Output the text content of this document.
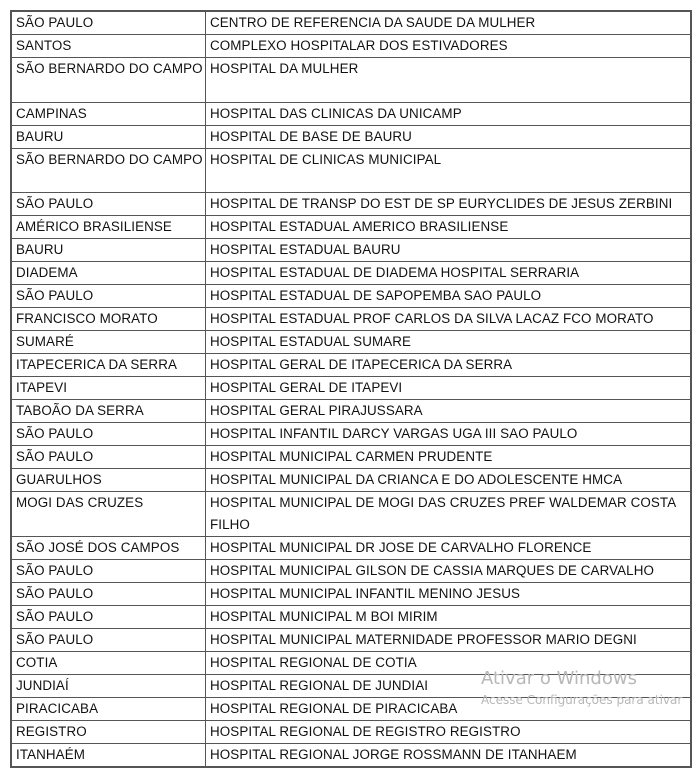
SÃO PAULO	CENTRO DE REFERENCIA DA SAUDE DA MULHER
SANTOS	COMPLEXO HOSPITALAR DOS ESTIVADORES
SÃO BERNARDO DO CAMPO	HOSPITAL DA MULHER
CAMPINAS	HOSPITAL DAS CLINICAS DA UNICAMP
BAURU	HOSPITAL DE BASE DE BAURU
SÃO BERNARDO DO CAMPO	HOSPITAL DE CLINICAS MUNICIPAL
SÃO PAULO	HOSPITAL DE TRANSP DO EST DE SP EURYCLIDES DE JESUS ZERBINI
AMÉRICO BRASILIENSE	HOSPITAL ESTADUAL AMERICO BRASILIENSE
BAURU	HOSPITAL ESTADUAL BAURU
DIADEMA	HOSPITAL ESTADUAL DE DIADEMA HOSPITAL SERRARIA
SÃO PAULO	HOSPITAL ESTADUAL DE SAPOPEMBA SAO PAULO
FRANCISCO MORATO	HOSPITAL ESTADUAL PROF CARLOS DA SILVA LACAZ FCO MORATO
SUMARÉ	HOSPITAL ESTADUAL SUMARE
ITAPECERICA DA SERRA	HOSPITAL GERAL DE ITAPECERICA DA SERRA
ITAPEVI	HOSPITAL GERAL DE ITAPEVI
TABOÃO DA SERRA	HOSPITAL GERAL PIRAJUSSARA
SÃO PAULO	HOSPITAL INFANTIL DARCY VARGAS UGA III SAO PAULO
SÃO PAULO	HOSPITAL MUNICIPAL CARMEN PRUDENTE
GUARULHOS	HOSPITAL MUNICIPAL DA CRIANCA E DO ADOLESCENTE HMCA
MOGI DAS CRUZES	HOSPITAL MUNICIPAL DE MOGI DAS CRUZES PREF WALDEMAR COSTA FILHO
SÃO JOSÉ DOS CAMPOS	HOSPITAL MUNICIPAL DR JOSE DE CARVALHO FLORENCE
SÃO PAULO	HOSPITAL MUNICIPAL GILSON DE CASSIA MARQUES DE CARVALHO
SÃO PAULO	HOSPITAL MUNICIPAL INFANTIL MENINO JESUS
SÃO PAULO	HOSPITAL MUNICIPAL M BOI MIRIM
SÃO PAULO	HOSPITAL MUNICIPAL MATERNIDADE PROFESSOR MARIO DEGNI
COTIA	HOSPITAL REGIONAL DE COTIA
JUNDIAÍ	HOSPITAL REGIONAL DE JUNDIAI
PIRACICABA	HOSPITAL REGIONAL DE PIRACICABA
REGISTRO	HOSPITAL REGIONAL DE REGISTRO REGISTRO
ITANHAÉM	HOSPITAL REGIONAL JORGE ROSSMANN DE ITANHAEM
Ativar o Windows
Acesse Configurações para ativar
